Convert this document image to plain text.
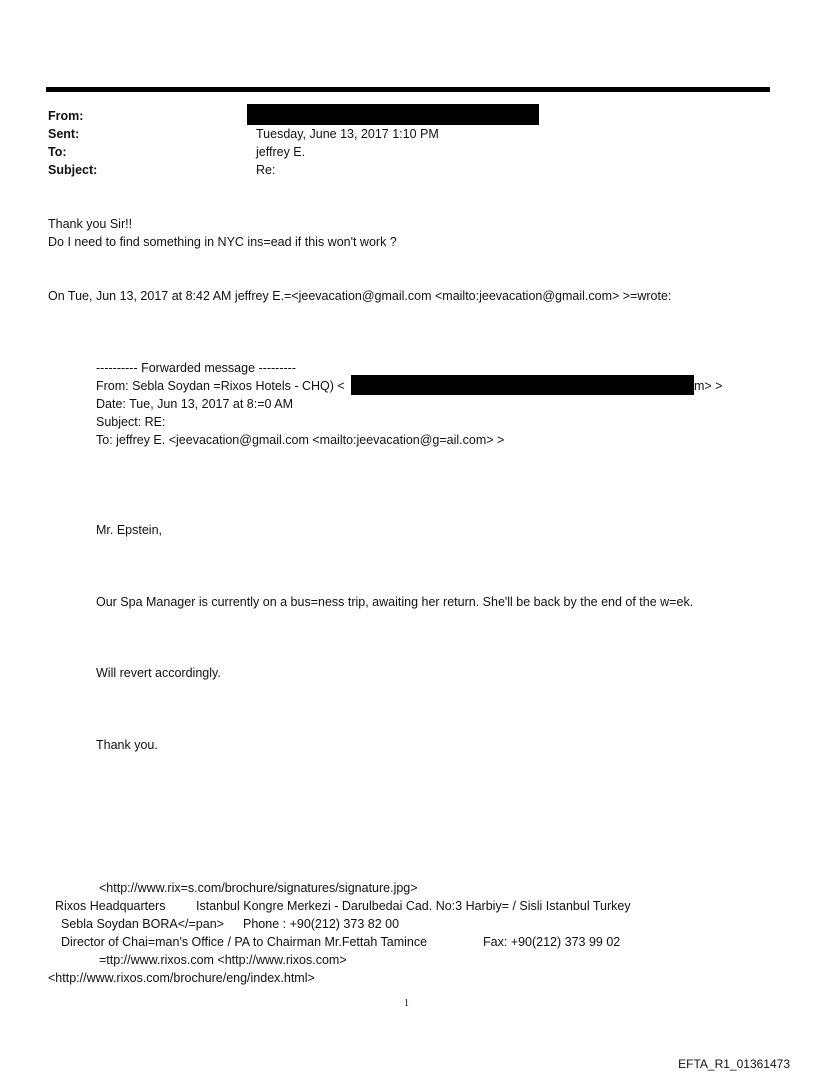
From:
Sent:	Tuesday, June 13, 2017 1:10 PM
To:	jeffrey E.
Subject:	Re:
Thank you Sir!!
Do I need to find something in NYC ins=ead if this won't work ?
On Tue, Jun 13, 2017 at 8:42 AM jeffrey E.=<jeevacation@gmail.com <mailto:jeevacation@gmail.com> >=wrote:
---------- Forwarded message ---------
From: Sebla Soydan =Rixos Hotels - CHQ) <	m> >
Date: Tue, Jun 13, 2017 at 8:=0 AM
Subject: RE:
To: jeffrey E. <jeevacation@gmail.com <mailto:jeevacation@g=ail.com> >
Mr. Epstein,
Our Spa Manager is currently on a bus=ness trip, awaiting her return. She'll be back by the end of the w=ek.
Will revert accordingly.
Thank you.
<http://www.rix=s.com/brochure/signatures/signature.jpg>
Rixos Headquarters Istanbul Kongre Merkezi - Darulbedai Cad. No:3 Harbiy= / Sisli Istanbul Turkey
Sebla Soydan BORA</=pan> Phone : +90(212) 373 82 00
Director of Chai=man's Office / PA to Chairman Mr.Fettah Tamince	Fax: +90(212) 373 99 02
=ttp://www.rixos.com <http://www.rixos.com>
<http://www.rixos.com/brochure/eng/index.html>
1
EFTA_R1_01361473
